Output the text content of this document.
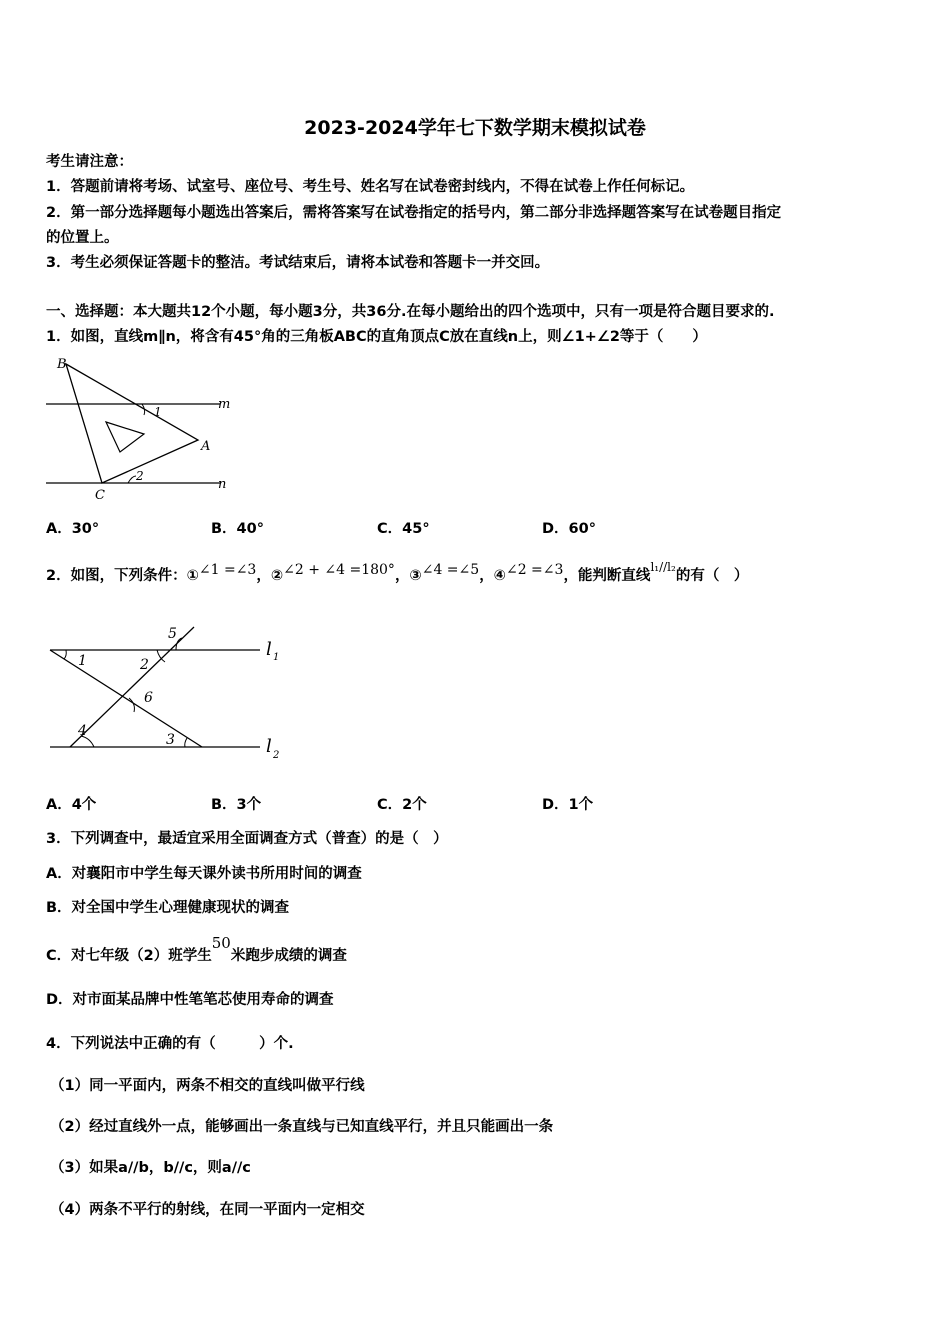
2023-2024学年七下数学期末模拟试卷
考生请注意：
1．答题前请将考场、试室号、座位号、考生号、姓名写在试卷密封线内，不得在试卷上作任何标记。
2．第一部分选择题每小题选出答案后，需将答案写在试卷指定的括号内，第二部分非选择题答案写在试卷题目指定
的位置上。
3．考生必须保证答题卡的整洁。考试结束后，请将本试卷和答题卡一并交回。
一、选择题：本大题共12个小题，每小题3分，共36分.在每小题给出的四个选项中，只有一项是符合题目要求的.
1．如图，直线m∥n，将含有45°角的三角板ABC的直角顶点C放在直线n上，则∠1+∠2等于（　　）
B
A
C
m
n
1
2
A．30°	B．40°	C．45°	D．60°
2．如图，下列条件：①∠1 =∠3，②∠2 + ∠4 =180°，③∠4 =∠5，④∠2 =∠3，能判断直线$^{l_1//l_2}$的有（　）
1	2
5
6
4
3
l 1
l 2
A．4个	B．3个	C．2个	D．1个
3．下列调查中，最适宜采用全面调查方式（普查）的是（　）
A．对襄阳市中学生每天课外读书所用时间的调查
B．对全国中学生心理健康现状的调查
C．对七年级（2）班学生50米跑步成绩的调查
D．对市面某品牌中性笔笔芯使用寿命的调查
4．下列说法中正确的有（　　　）个.
（1）同一平面内，两条不相交的直线叫做平行线
（2）经过直线外一点，能够画出一条直线与已知直线平行，并且只能画出一条
（3）如果a//b，b//c，则a//c
（4）两条不平行的射线，在同一平面内一定相交
